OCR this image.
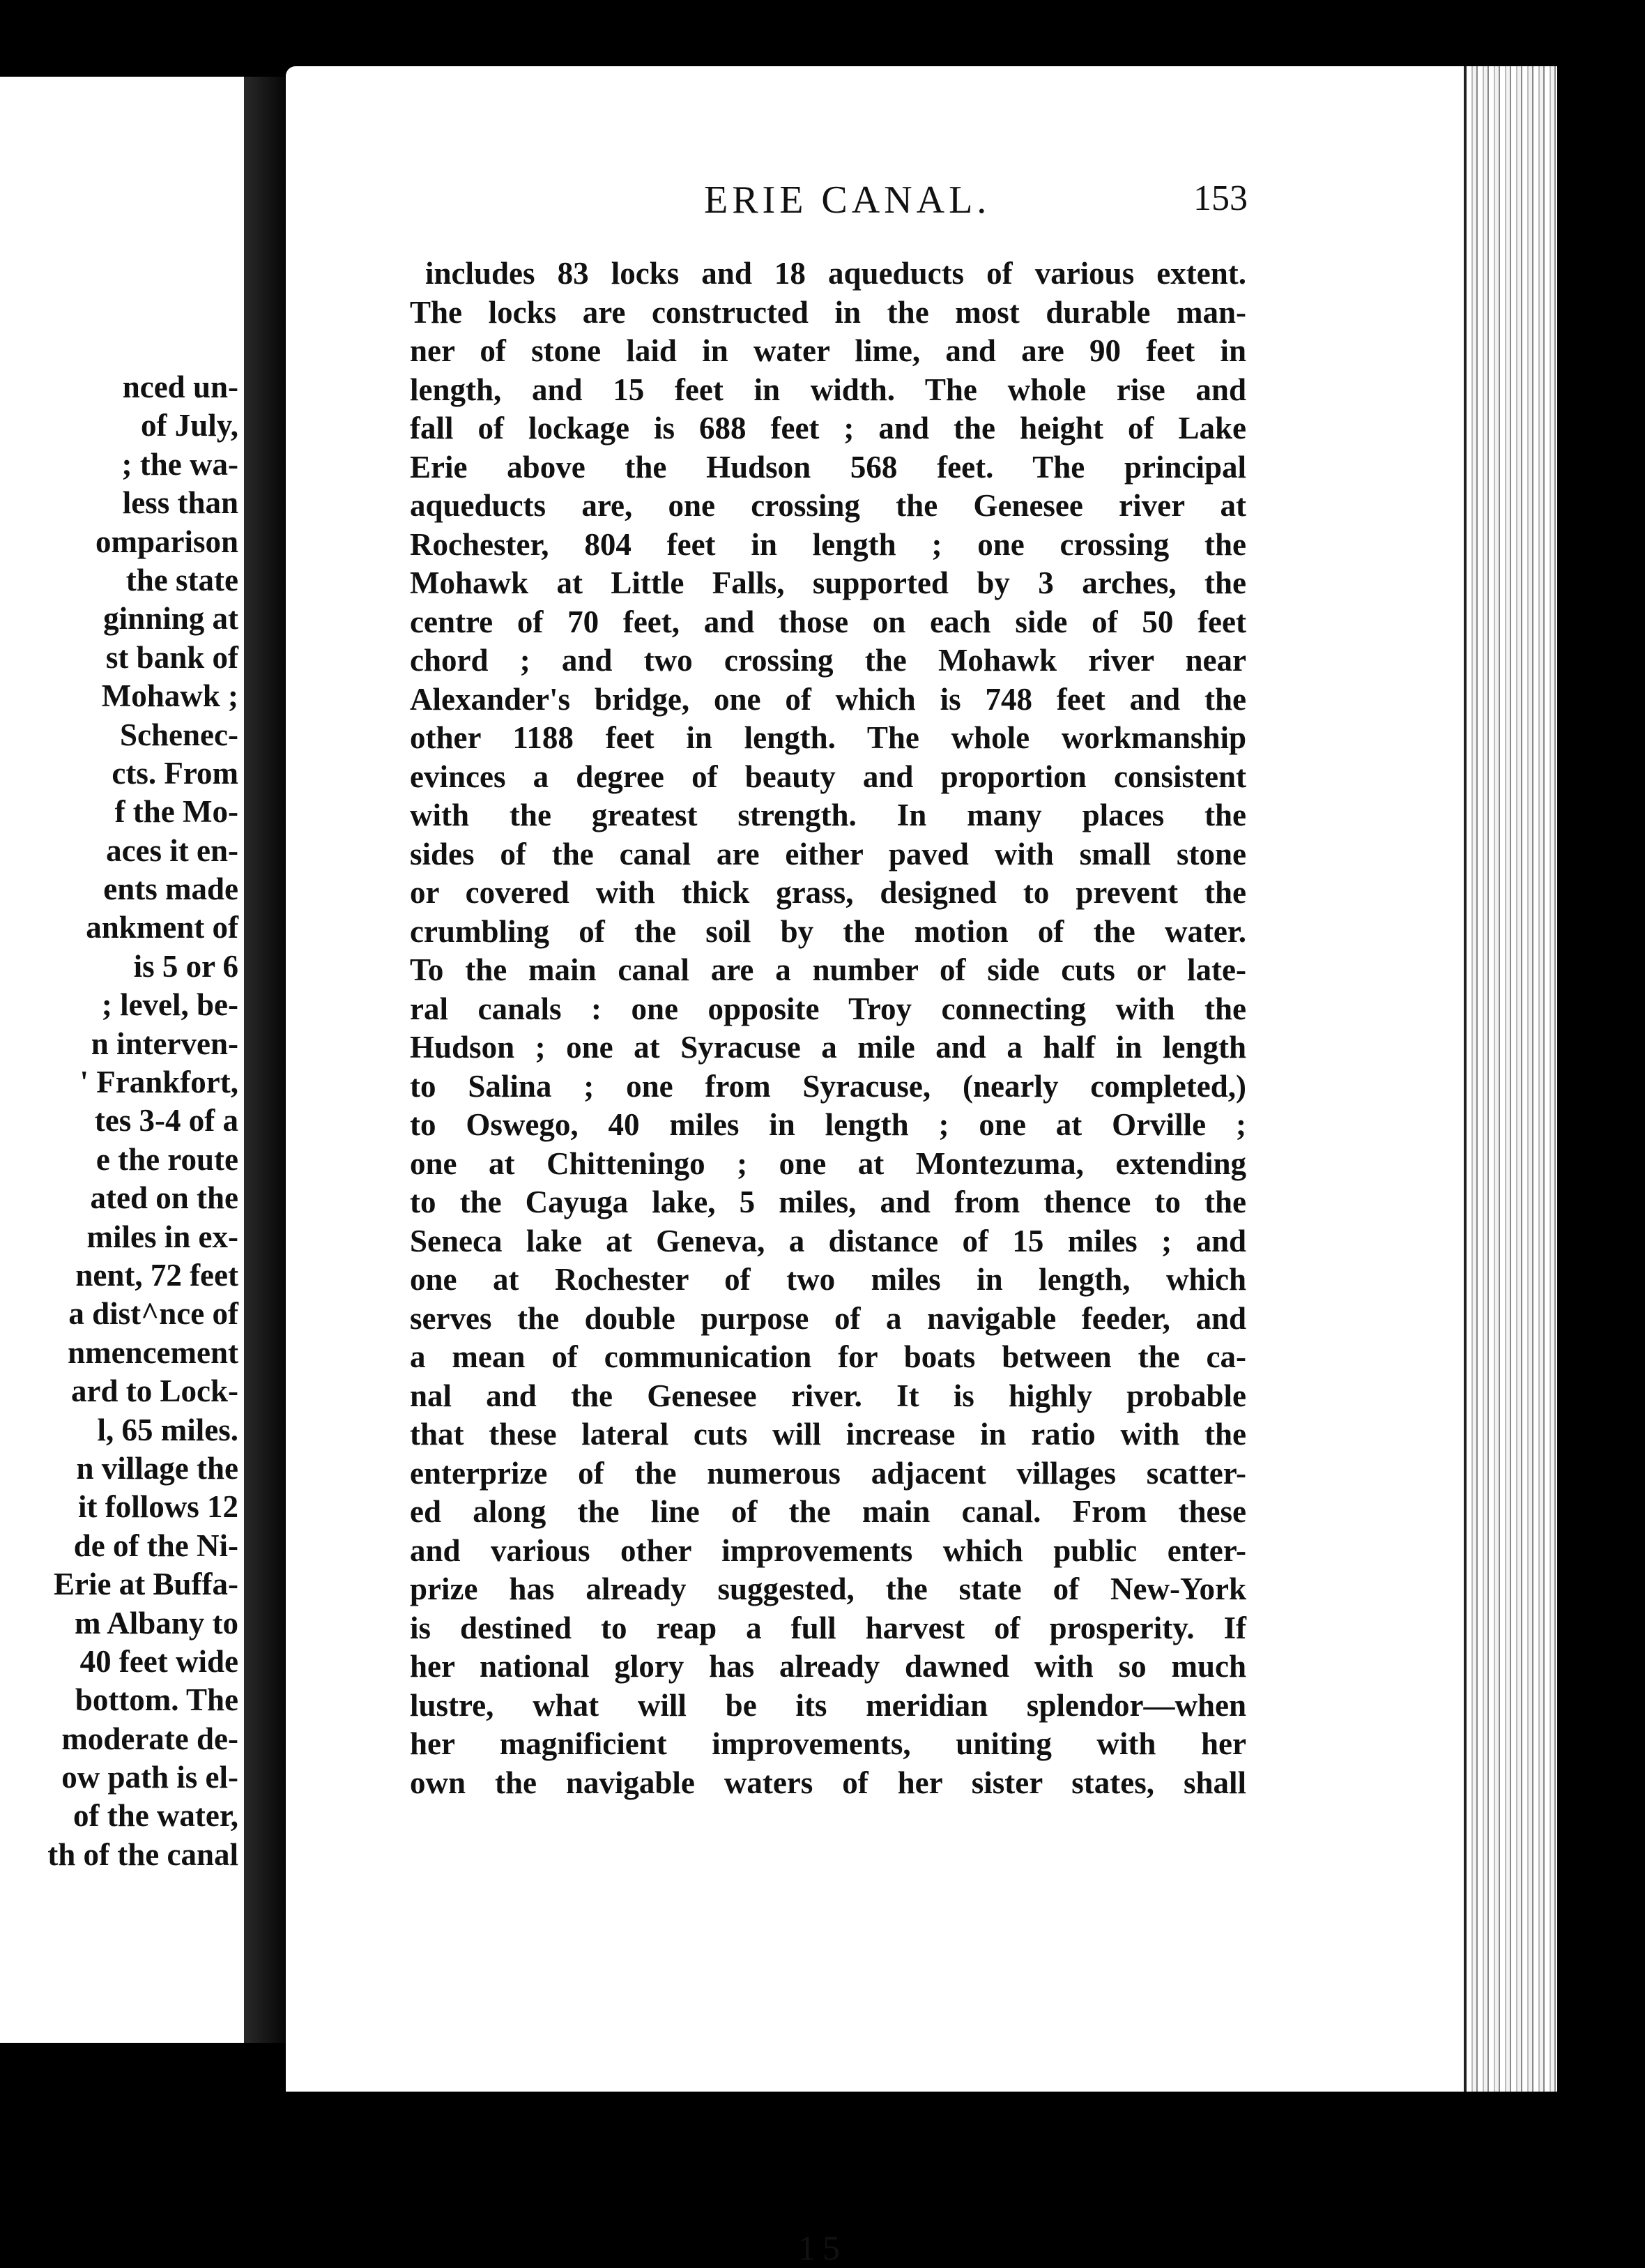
nced un-
of July,
; the wa-
less than
omparison
the state
ginning at
st bank of
Mohawk ;
Schenec-
cts. From
f the Mo-
aces it en-
ents made
ankment of
is 5 or 6
; level, be-
n interven-
' Frankfort,
tes 3-4 of a
e the route
ated on the
miles in ex-
nent, 72 feet
a dist^nce of
nmencement
ard to Lock-
l, 65 miles.
n village the
it follows 12
de of the Ni-
Erie at Buffa-
m Albany to
40 feet wide
bottom. The
moderate de-
ow path is el-
of the water,
th of the canal
ERIE CANAL.	153
includes 83 locks and 18 aqueducts of various extent.
The locks are constructed in the most durable man-
ner of stone laid in water lime, and are 90 feet in
length, and 15 feet in width. The whole rise and
fall of lockage is 688 feet ; and the height of Lake
Erie above the Hudson 568 feet. The principal
aqueducts are, one crossing the Genesee river at
Rochester, 804 feet in length ; one crossing the
Mohawk at Little Falls, supported by 3 arches, the
centre of 70 feet, and those on each side of 50 feet
chord ; and two crossing the Mohawk river near
Alexander's bridge, one of which is 748 feet and the
other 1188 feet in length. The whole workmanship
evinces a degree of beauty and proportion consistent
with the greatest strength. In many places the
sides of the canal are either paved with small stone
or covered with thick grass, designed to prevent the
crumbling of the soil by the motion of the water.
To the main canal are a number of side cuts or late-
ral canals : one opposite Troy connecting with the
Hudson ; one at Syracuse a mile and a half in length
to Salina ; one from Syracuse, (nearly completed,)
to Oswego, 40 miles in length ; one at Orville ;
one at Chitteningo ; one at Montezuma, extending
to the Cayuga lake, 5 miles, and from thence to the
Seneca lake at Geneva, a distance of 15 miles ; and
one at Rochester of two miles in length, which
serves the double purpose of a navigable feeder, and
a mean of communication for boats between the ca-
nal and the Genesee river. It is highly probable
that these lateral cuts will increase in ratio with the
enterprize of the numerous adjacent villages scatter-
ed along the line of the main canal. From these
and various other improvements which public enter-
prize has already suggested, the state of New-York
is destined to reap a full harvest of prosperity. If
her national glory has already dawned with so much
lustre, what will be its meridian splendor—when
her magnificient improvements, uniting with her
own the navigable waters of her sister states, shall
15
